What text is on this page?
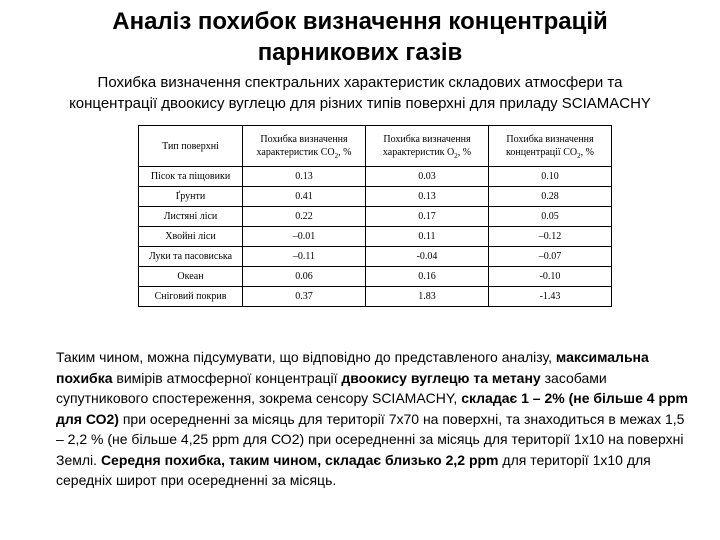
Аналіз похибок визначення концентрацій
парникових газів

Похибка визначення спектральних характеристик складових атмосфери та
концентрації двоокису вуглецю для різних типів поверхні для приладу SCIAMACHY

Тип поверхні	Похибка визначення
характеристик $CO_2$, %	Похибка визначення
характеристик $O_2$, %	Похибка визначення
концентрації $CO_2$, %
Пісок та піщовики	0.13	0.03	0.10
Ґрунти	0.41	0.13	0.28
Листяні ліси	0.22	0.17	0.05
Хвойні ліси	–0.01	0.11	–0.12
Луки та пасовиська	–0.11	-0.04	–0.07
Океан	0.06	0.16	-0.10
Сніговий покрив	0.37	1.83	-1.43

Таким чином, можна підсумувати, що відповідно до представленого аналізу, максимальна похибка вимірів атмосферної концентрації двоокису вуглецю та метану засобами супутникового спостереження, зокрема сенсору SCIAMACHY, складає 1 – 2% (не більше 4 ppm для СО2) при осередненні за місяць для території 7х70 на поверхні, та знаходиться в межах 1,5 – 2,2 % (не більше 4,25 ppm для СО2) при осередненні за місяць для території 1х10 на поверхні Землі. Середня похибка, таким чином, складає близько 2,2 ppm для території 1х10 для середніх широт при осередненні за місяць.
